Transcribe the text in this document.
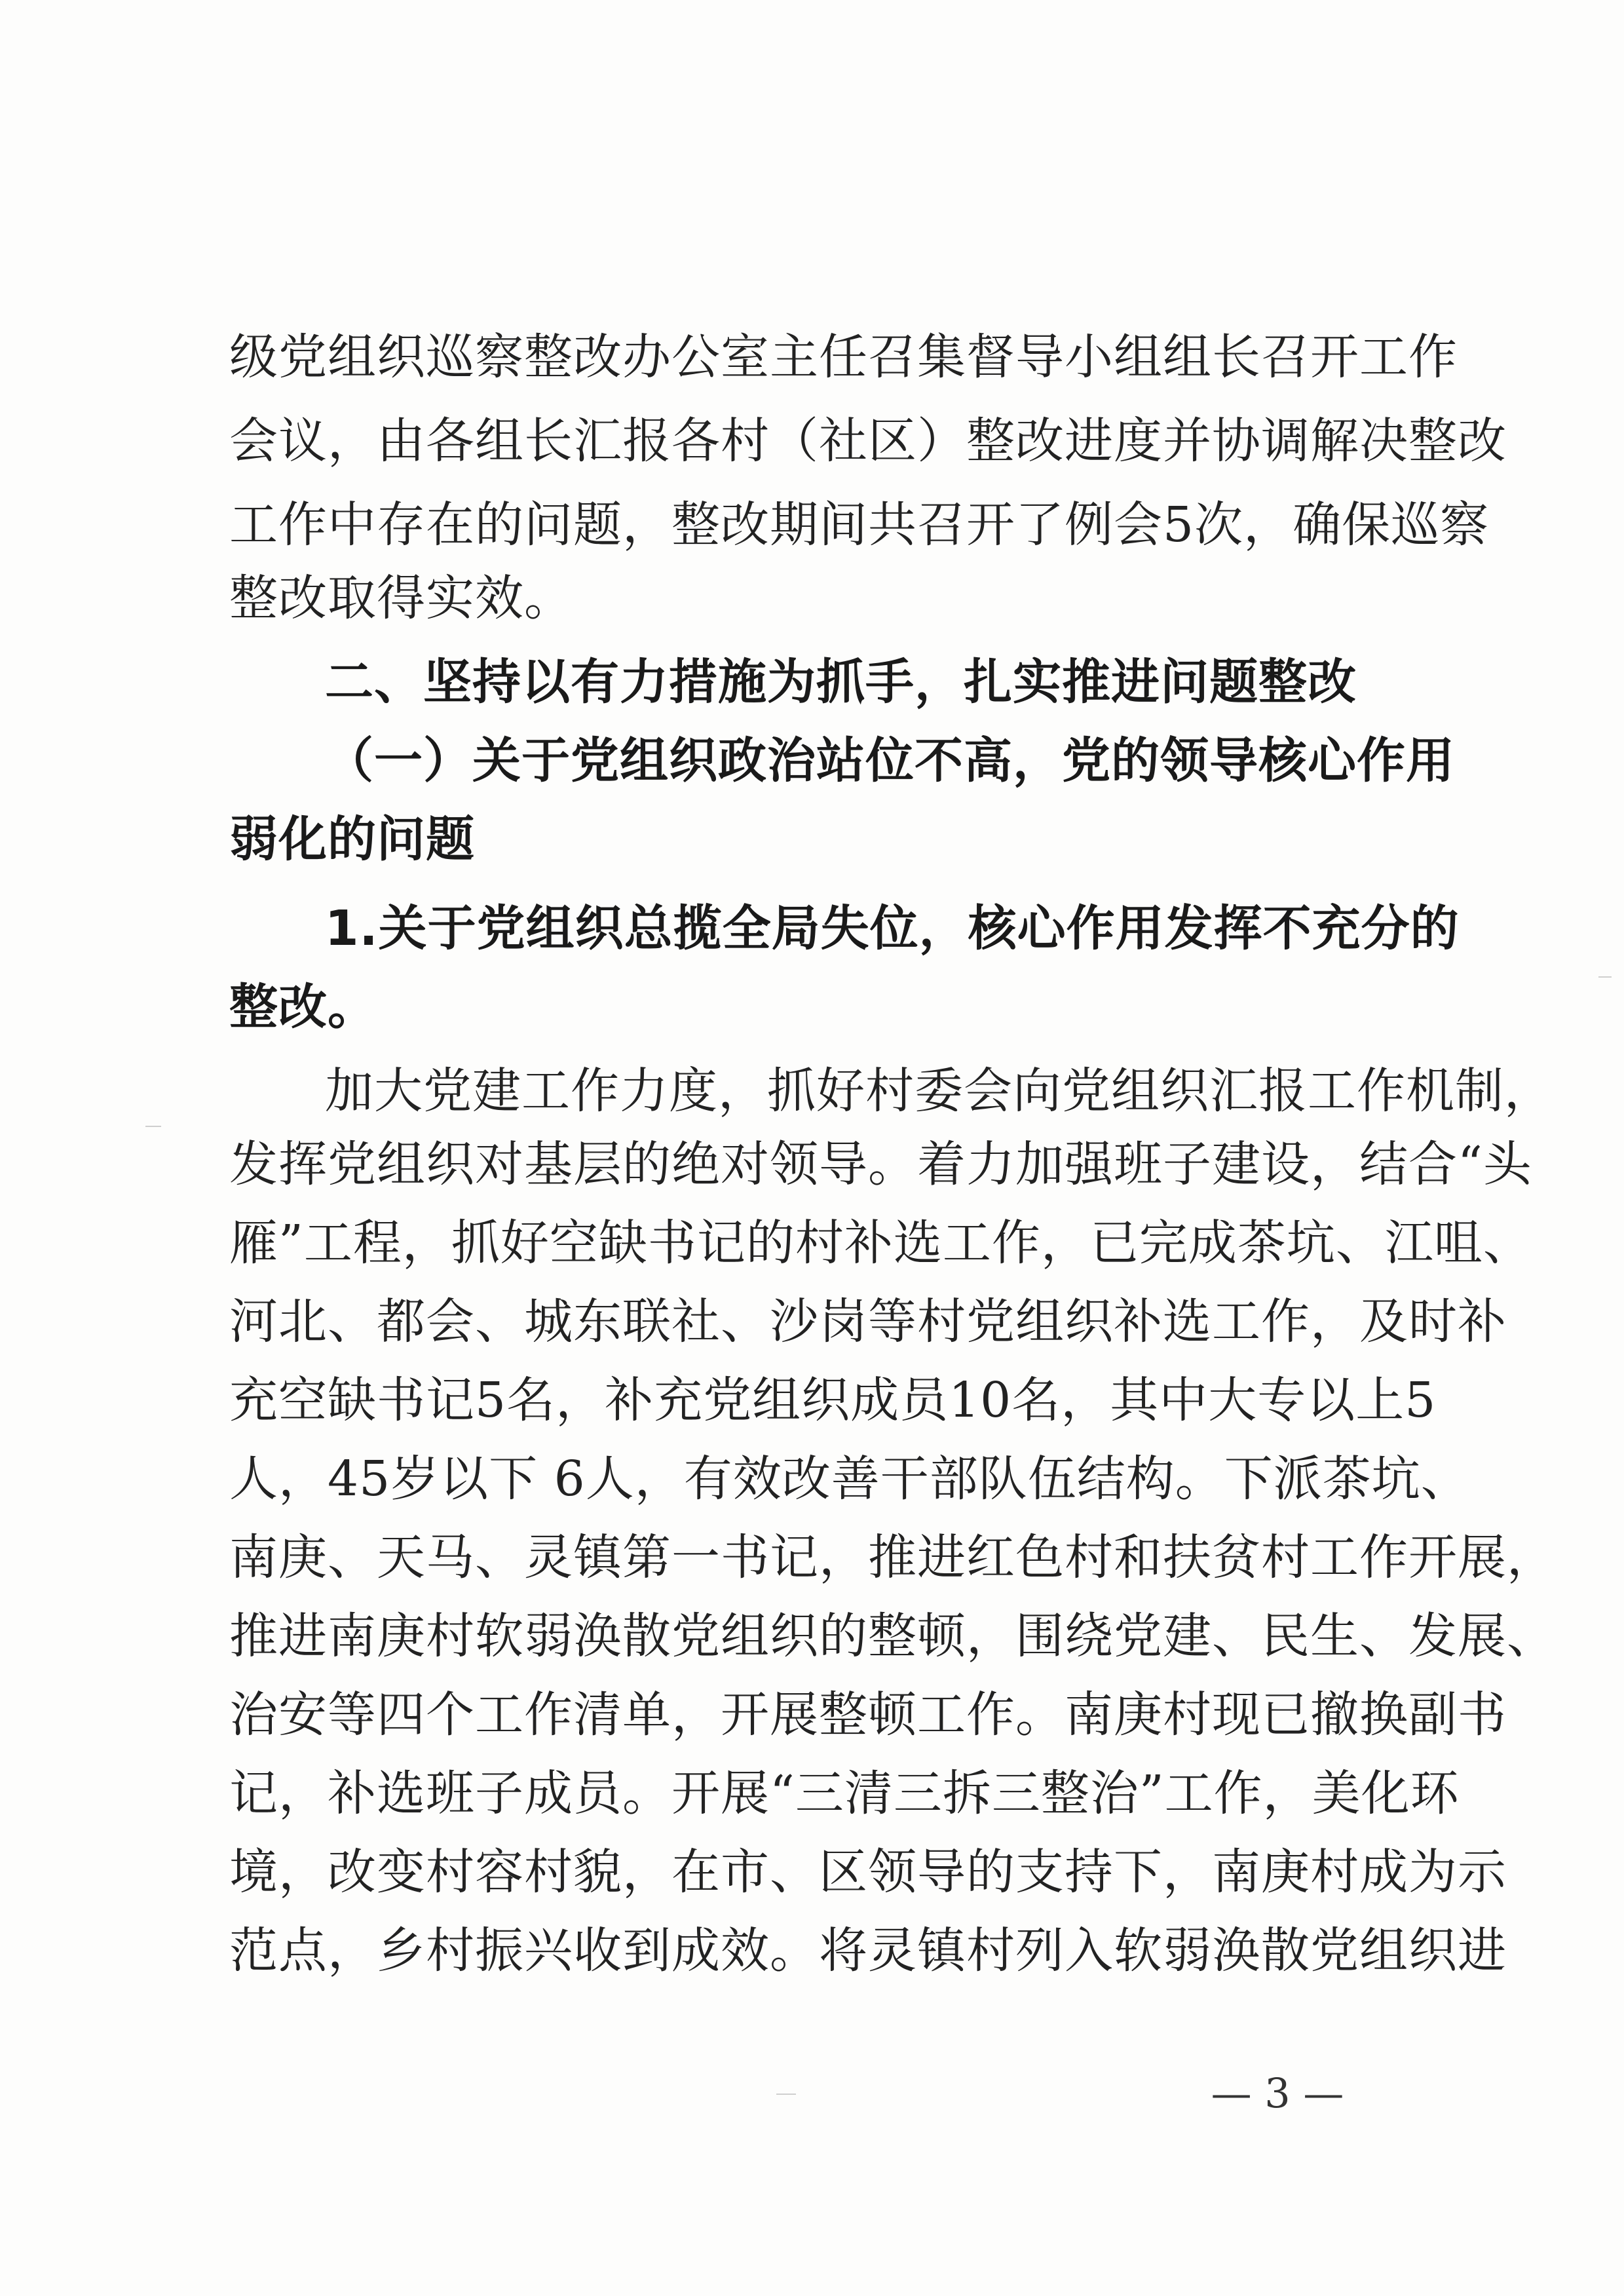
级党组织巡察整改办公室主任召集督导小组组长召开工作
会议，由各组长汇报各村（社区）整改进度并协调解决整改
工作中存在的问题，整改期间共召开了例会5次，确保巡察
整改取得实效。
二、坚持以有力措施为抓手，扎实推进问题整改
（一）关于党组织政治站位不高，党的领导核心作用
弱化的问题
1.关于党组织总揽全局失位，核心作用发挥不充分的
整改。
加大党建工作力度，抓好村委会向党组织汇报工作机制，
发挥党组织对基层的绝对领导。着力加强班子建设，结合“头
雁”工程，抓好空缺书记的村补选工作，已完成茶坑、江咀、
河北、都会、城东联社、沙岗等村党组织补选工作，及时补
充空缺书记5名，补充党组织成员10名，其中大专以上5
人，45岁以下 6人，有效改善干部队伍结构。下派茶坑、
南庚、天马、灵镇第一书记，推进红色村和扶贫村工作开展，
推进南庚村软弱涣散党组织的整顿，围绕党建、民生、发展、
治安等四个工作清单，开展整顿工作。南庚村现已撤换副书
记，补选班子成员。开展“三清三拆三整治”工作，美化环
境，改变村容村貌，在市、区领导的支持下，南庚村成为示
范点，乡村振兴收到成效。将灵镇村列入软弱涣散党组织进
— 3 —
